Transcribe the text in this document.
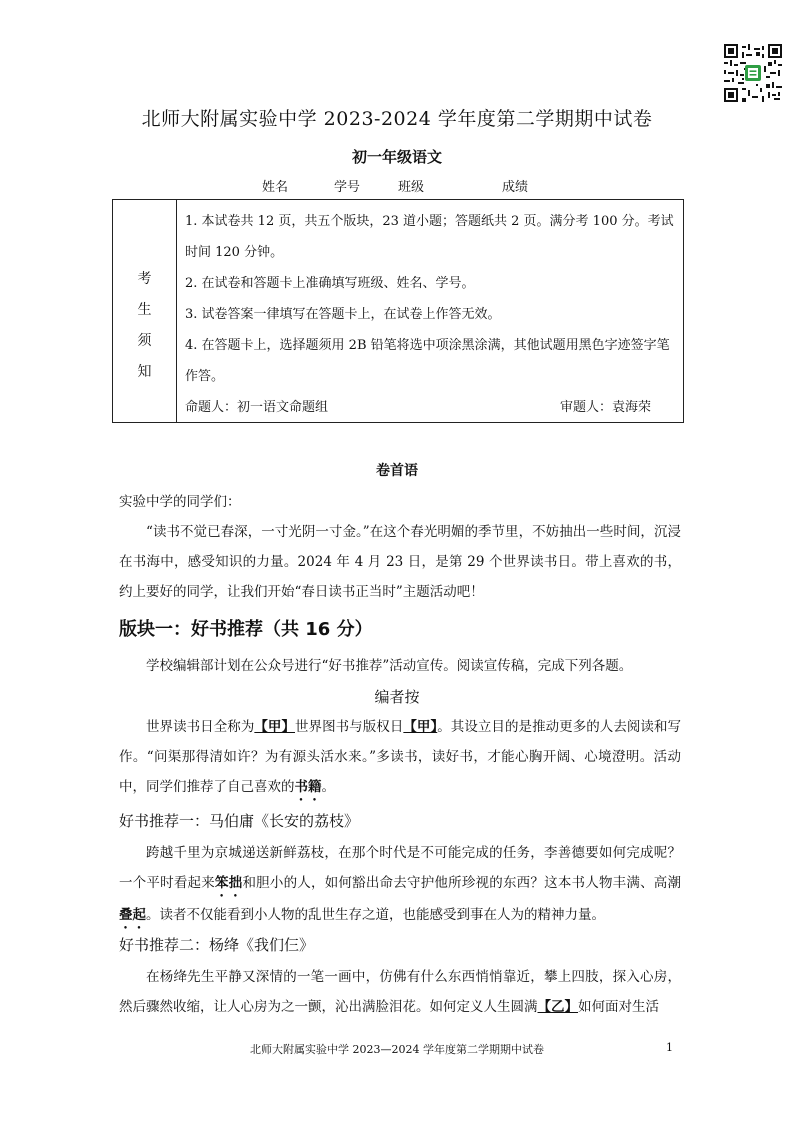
北师大附属实验中学 2023-2024 学年度第二学期期中试卷
初一年级语文
姓名	学号	班级	成绩
考
生
须
知

1. 本试卷共 12 页，共五个版块，23 道小题；答题纸共 2 页。满分考 100 分。考试时间 120 分钟。

2. 在试卷和答题卡上准确填写班级、姓名、学号。

3. 试卷答案一律填写在答题卡上，在试卷上作答无效。

4. 在答题卡上，选择题须用 2B 铅笔将选中项涂黑涂满，其他试题用黑色字迹签字笔作答。

命题人：初一语文命题组	审题人：袁海荣

卷首语

实验中学的同学们：

“读书不觉已春深，一寸光阴一寸金。”在这个春光明媚的季节里，不妨抽出一些时间，沉浸在书海中，感受知识的力量。2024 年 4 月 23 日，是第 29 个世界读书日。带上喜欢的书，约上要好的同学，让我们开始“春日读书正当时”主题活动吧！

版块一：好书推荐（共 16 分）

学校编辑部计划在公众号进行“好书推荐”活动宣传。阅读宣传稿，完成下列各题。

编者按

世界读书日全称为【甲】世界图书与版权日【甲】。其设立目的是推动更多的人去阅读和写作。“问渠那得清如许？为有源头活水来。”多读书，读好书，才能心胸开阔、心境澄明。活动中，同学们推荐了自己喜欢的书籍。

好书推荐一：马伯庸《长安的荔枝》

跨越千里为京城递送新鲜荔枝，在那个时代是不可能完成的任务，李善德要如何完成呢？一个平时看起来笨拙和胆小的人，如何豁出命去守护他所珍视的东西？这本书人物丰满、高潮叠起。读者不仅能看到小人物的乱世生存之道，也能感受到事在人为的精神力量。

好书推荐二：杨绛《我们仨》

在杨绛先生平静又深情的一笔一画中，仿佛有什么东西悄悄靠近，攀上四肢，探入心房，然后骤然收缩，让人心房为之一颤，沁出满脸泪花。如何定义人生圆满【乙】如何面对生活

北师大附属实验中学 2023—2024 学年度第二学期期中试卷	1
